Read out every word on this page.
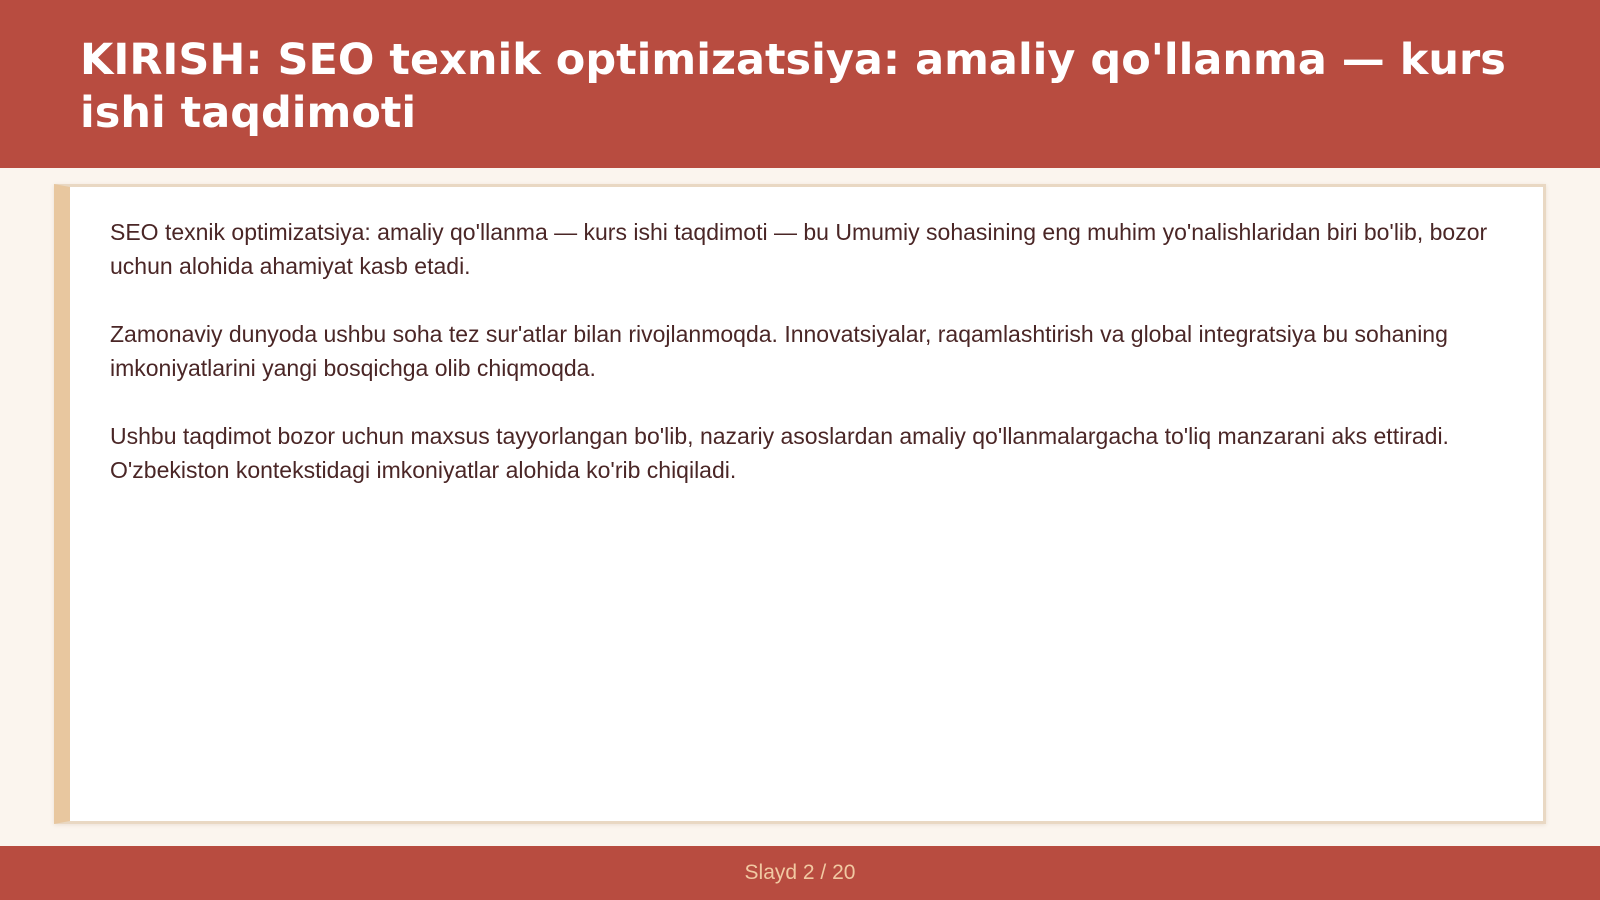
KIRISH: SEO texnik optimizatsiya: amaliy qo'llanma — kurs ishi taqdimoti

SEO texnik optimizatsiya: amaliy qo'llanma — kurs ishi taqdimoti — bu Umumiy sohasining eng muhim yo'nalishlaridan biri bo'lib, bozor uchun alohida ahamiyat kasb etadi.

Zamonaviy dunyoda ushbu soha tez sur'atlar bilan rivojlanmoqda. Innovatsiyalar, raqamlashtirish va global integratsiya bu sohaning imkoniyatlarini yangi bosqichga olib chiqmoqda.

Ushbu taqdimot bozor uchun maxsus tayyorlangan bo'lib, nazariy asoslardan amaliy qo'llanmalargacha to'liq manzarani aks ettiradi. O'zbekiston kontekstidagi imkoniyatlar alohida ko'rib chiqiladi.

Slayd 2 / 20
